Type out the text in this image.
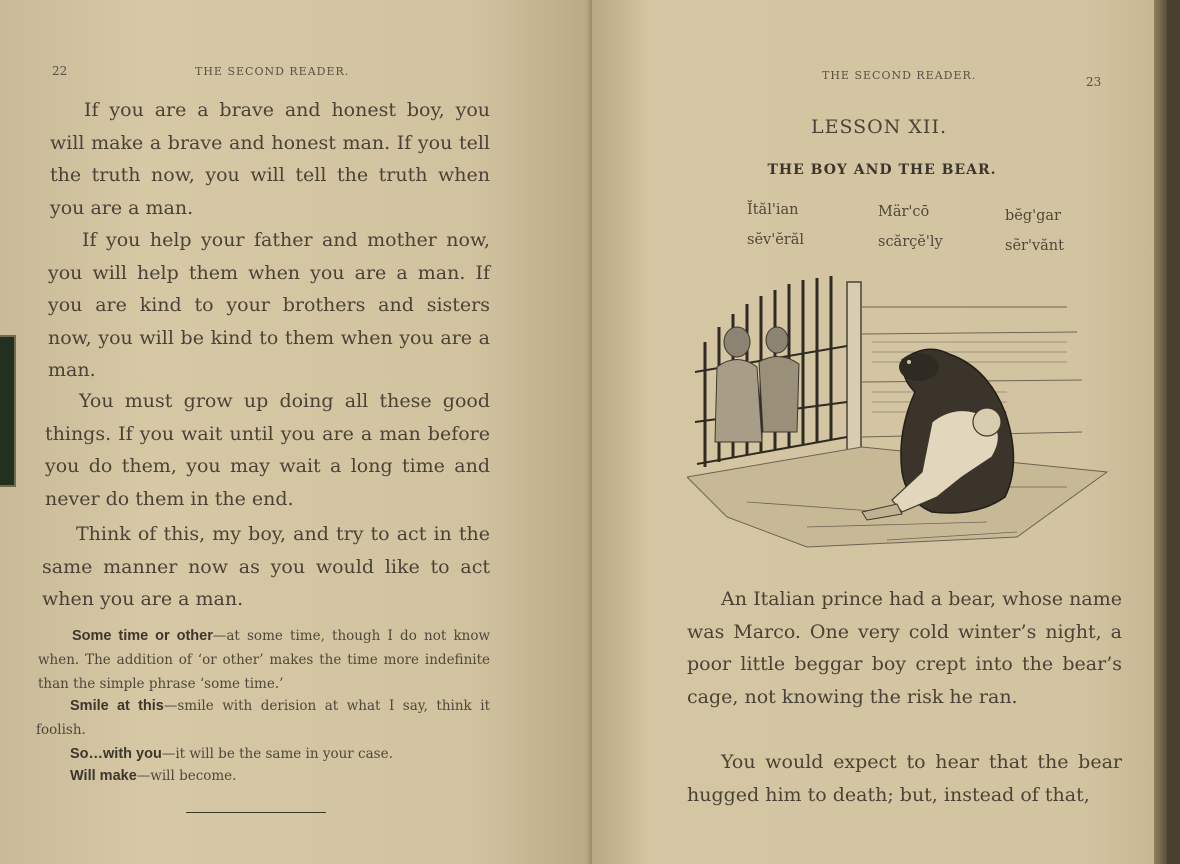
22	THE SECOND READER.

If you are a brave and honest boy, you will make a brave and honest man. If you tell the truth now, you will tell the truth when you are a man.

If you help your father and mother now, you will help them when you are a man. If you are kind to your brothers and sisters now, you will be kind to them when you are a man.

You must grow up doing all these good things. If you wait until you are a man before you do them, you may wait a long time and never do them in the end.

Think of this, my boy, and try to act in the same manner now as you would like to act when you are a man.

Some time or other—at some time, though I do not know when. The addition of ‘or other’ makes the time more indefinite than the simple phrase ‘some time.’

Smile at this—smile with derision at what I say, think it foolish.

So…with you—it will be the same in your case.

Will make—will become.

THE SECOND READER.	23
LESSON XII.
THE BOY AND THE BEAR.
Ĭtăl'ian	Mär'cō	bĕg'gar
sĕv'ĕrăl	scărçĕ'ly	sẽr'vănt

An Italian prince had a bear, whose name was Marco. One very cold winter’s night, a poor little beggar boy crept into the bear’s cage, not knowing the risk he ran.

You would expect to hear that the bear hugged him to death; but, instead of that,
